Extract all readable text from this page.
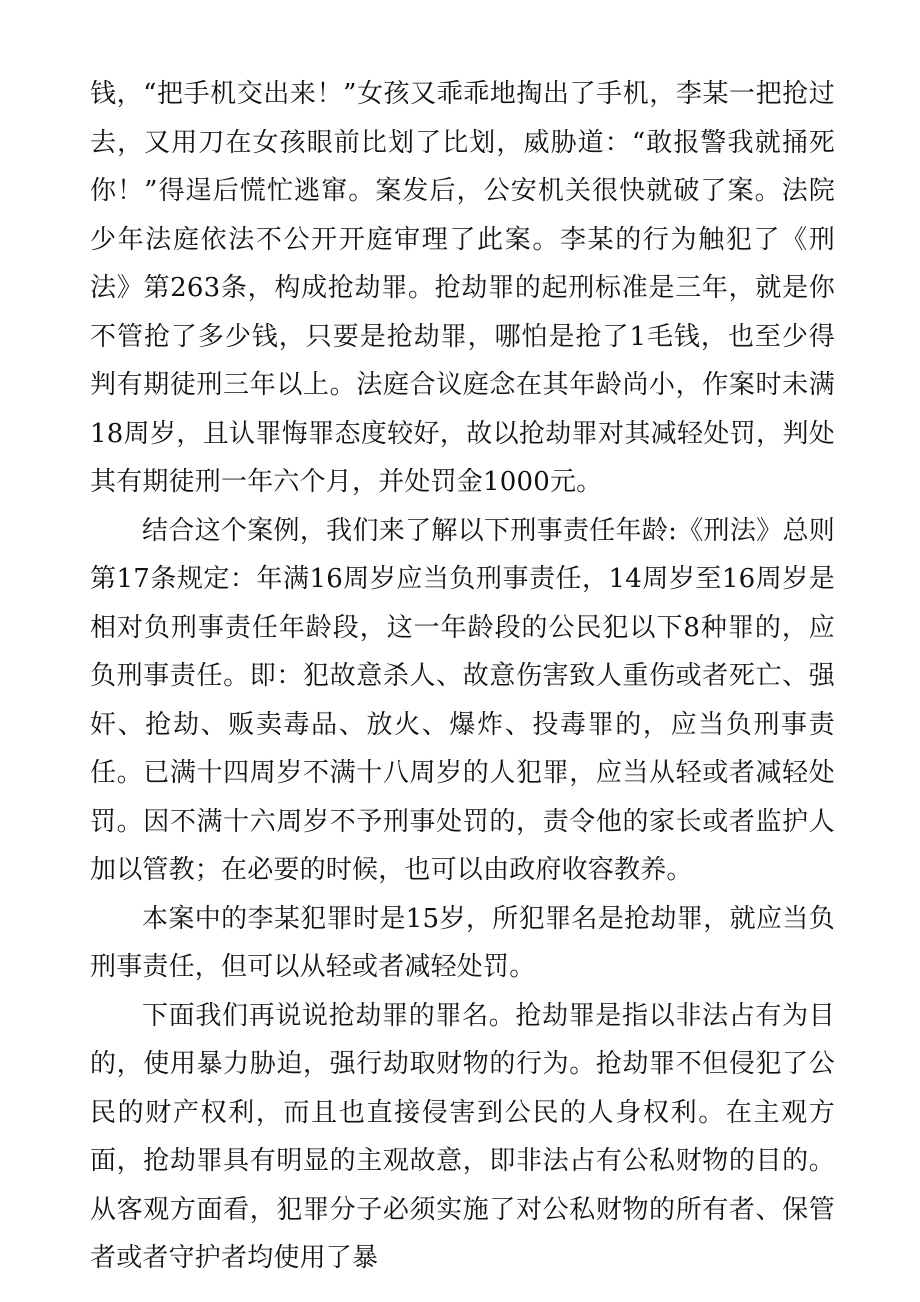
钱，“把手机交出来！”女孩又乖乖地掏出了手机，李某一把抢过去，又用刀在女孩眼前比划了比划，威胁道：“敢报警我就捅死你！”得逞后慌忙逃窜。案发后，公安机关很快就破了案。法院少年法庭依法不公开开庭审理了此案。李某的行为触犯了《刑法》第263条，构成抢劫罪。抢劫罪的起刑标准是三年，就是你不管抢了多少钱，只要是抢劫罪，哪怕是抢了1毛钱，也至少得判有期徒刑三年以上。法庭合议庭念在其年龄尚小，作案时未满18周岁，且认罪悔罪态度较好，故以抢劫罪对其减轻处罚，判处其有期徒刑一年六个月，并处罚金1000元。

结合这个案例，我们来了解以下刑事责任年龄:《刑法》总则第17条规定：年满16周岁应当负刑事责任，14周岁至16周岁是相对负刑事责任年龄段，这一年龄段的公民犯以下8种罪的，应负刑事责任。即：犯故意杀人、故意伤害致人重伤或者死亡、强奸、抢劫、贩卖毒品、放火、爆炸、投毒罪的，应当负刑事责任。已满十四周岁不满十八周岁的人犯罪，应当从轻或者减轻处罚。因不满十六周岁不予刑事处罚的，责令他的家长或者监护人加以管教；在必要的时候，也可以由政府收容教养。

本案中的李某犯罪时是15岁，所犯罪名是抢劫罪，就应当负刑事责任，但可以从轻或者减轻处罚。

下面我们再说说抢劫罪的罪名。抢劫罪是指以非法占有为目的，使用暴力胁迫，强行劫取财物的行为。抢劫罪不但侵犯了公民的财产权利，而且也直接侵害到公民的人身权利。在主观方面，抢劫罪具有明显的主观故意，即非法占有公私财物的目的。从客观方面看，犯罪分子必须实施了对公私财物的所有者、保管者或者守护者均使用了暴
